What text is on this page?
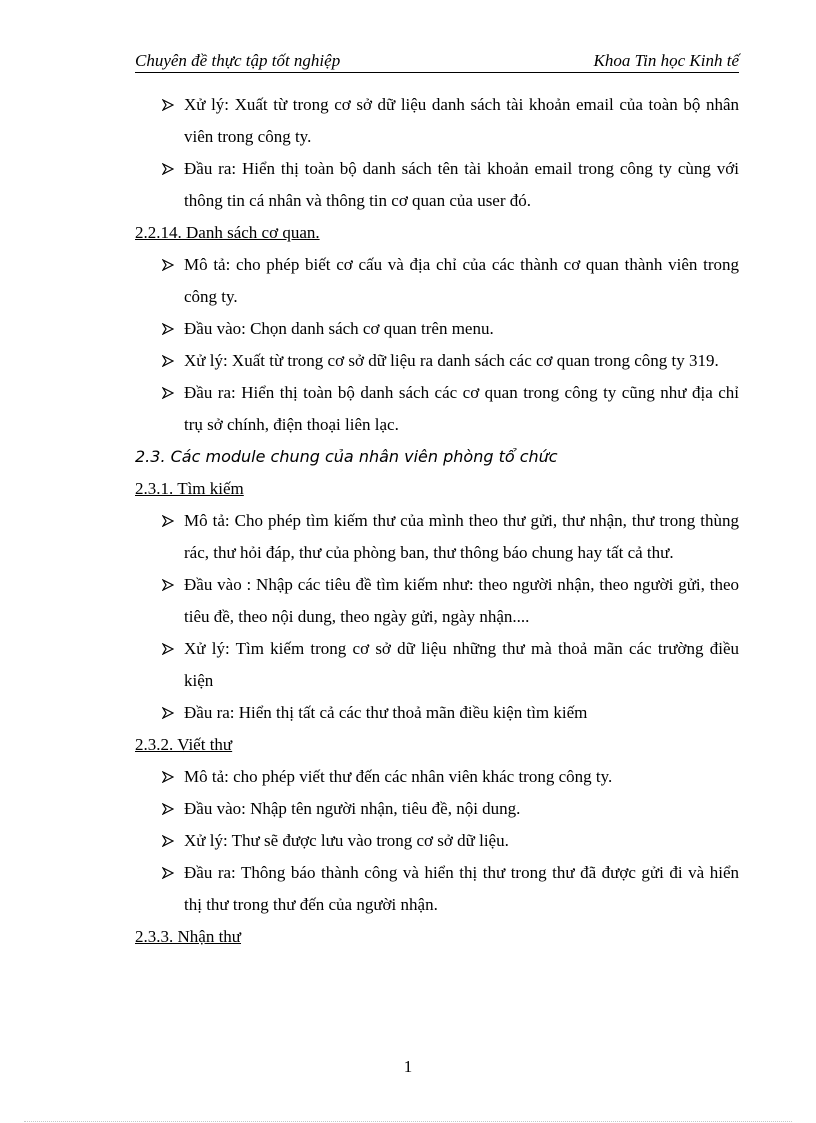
Chuyên đề thực tập tốt nghiệp	Khoa Tin học Kinh tế
Xử lý: Xuất từ trong cơ sở dữ liệu danh sách tài khoản email của toàn bộ nhân viên trong công ty.
Đầu ra: Hiển thị toàn bộ danh sách tên tài khoản email trong công ty cùng với thông tin cá nhân và thông tin cơ quan của user đó.
2.2.14. Danh sách cơ quan.
Mô tả: cho phép biết cơ cấu và địa chỉ của các thành cơ quan thành viên trong công ty.
Đầu vào: Chọn danh sách cơ quan trên menu.
Xử lý: Xuất từ trong cơ sở dữ liệu ra danh sách các cơ quan trong công ty 319.
Đầu ra: Hiển thị toàn bộ danh sách các cơ quan trong công ty cũng như địa chỉ trụ sở chính, điện thoại liên lạc.
2.3. Các module chung của nhân viên phòng tổ chức
2.3.1. Tìm kiếm
Mô tả: Cho phép tìm kiếm thư của mình theo thư gửi, thư nhận, thư trong thùng rác, thư hỏi đáp, thư của phòng ban, thư thông báo chung hay tất cả thư.
Đầu vào : Nhập các tiêu đề tìm kiếm như: theo người nhận, theo người gửi, theo tiêu đề, theo nội dung, theo ngày gửi, ngày nhận....
Xử lý: Tìm kiếm trong cơ sở dữ liệu những thư mà thoả mãn các trường điều kiện
Đầu ra: Hiển thị tất cả các thư thoả mãn điều kiện tìm kiếm
2.3.2. Viết thư
Mô tả: cho phép viết thư đến các nhân viên khác trong công ty.
Đầu vào: Nhập tên người nhận, tiêu đề, nội dung.
Xử lý: Thư sẽ được lưu vào trong cơ sở dữ liệu.
Đầu ra: Thông báo thành công và hiển thị thư trong thư đã được gửi đi và hiển thị thư trong thư đến của người nhận.
2.3.3. Nhận thư
1
